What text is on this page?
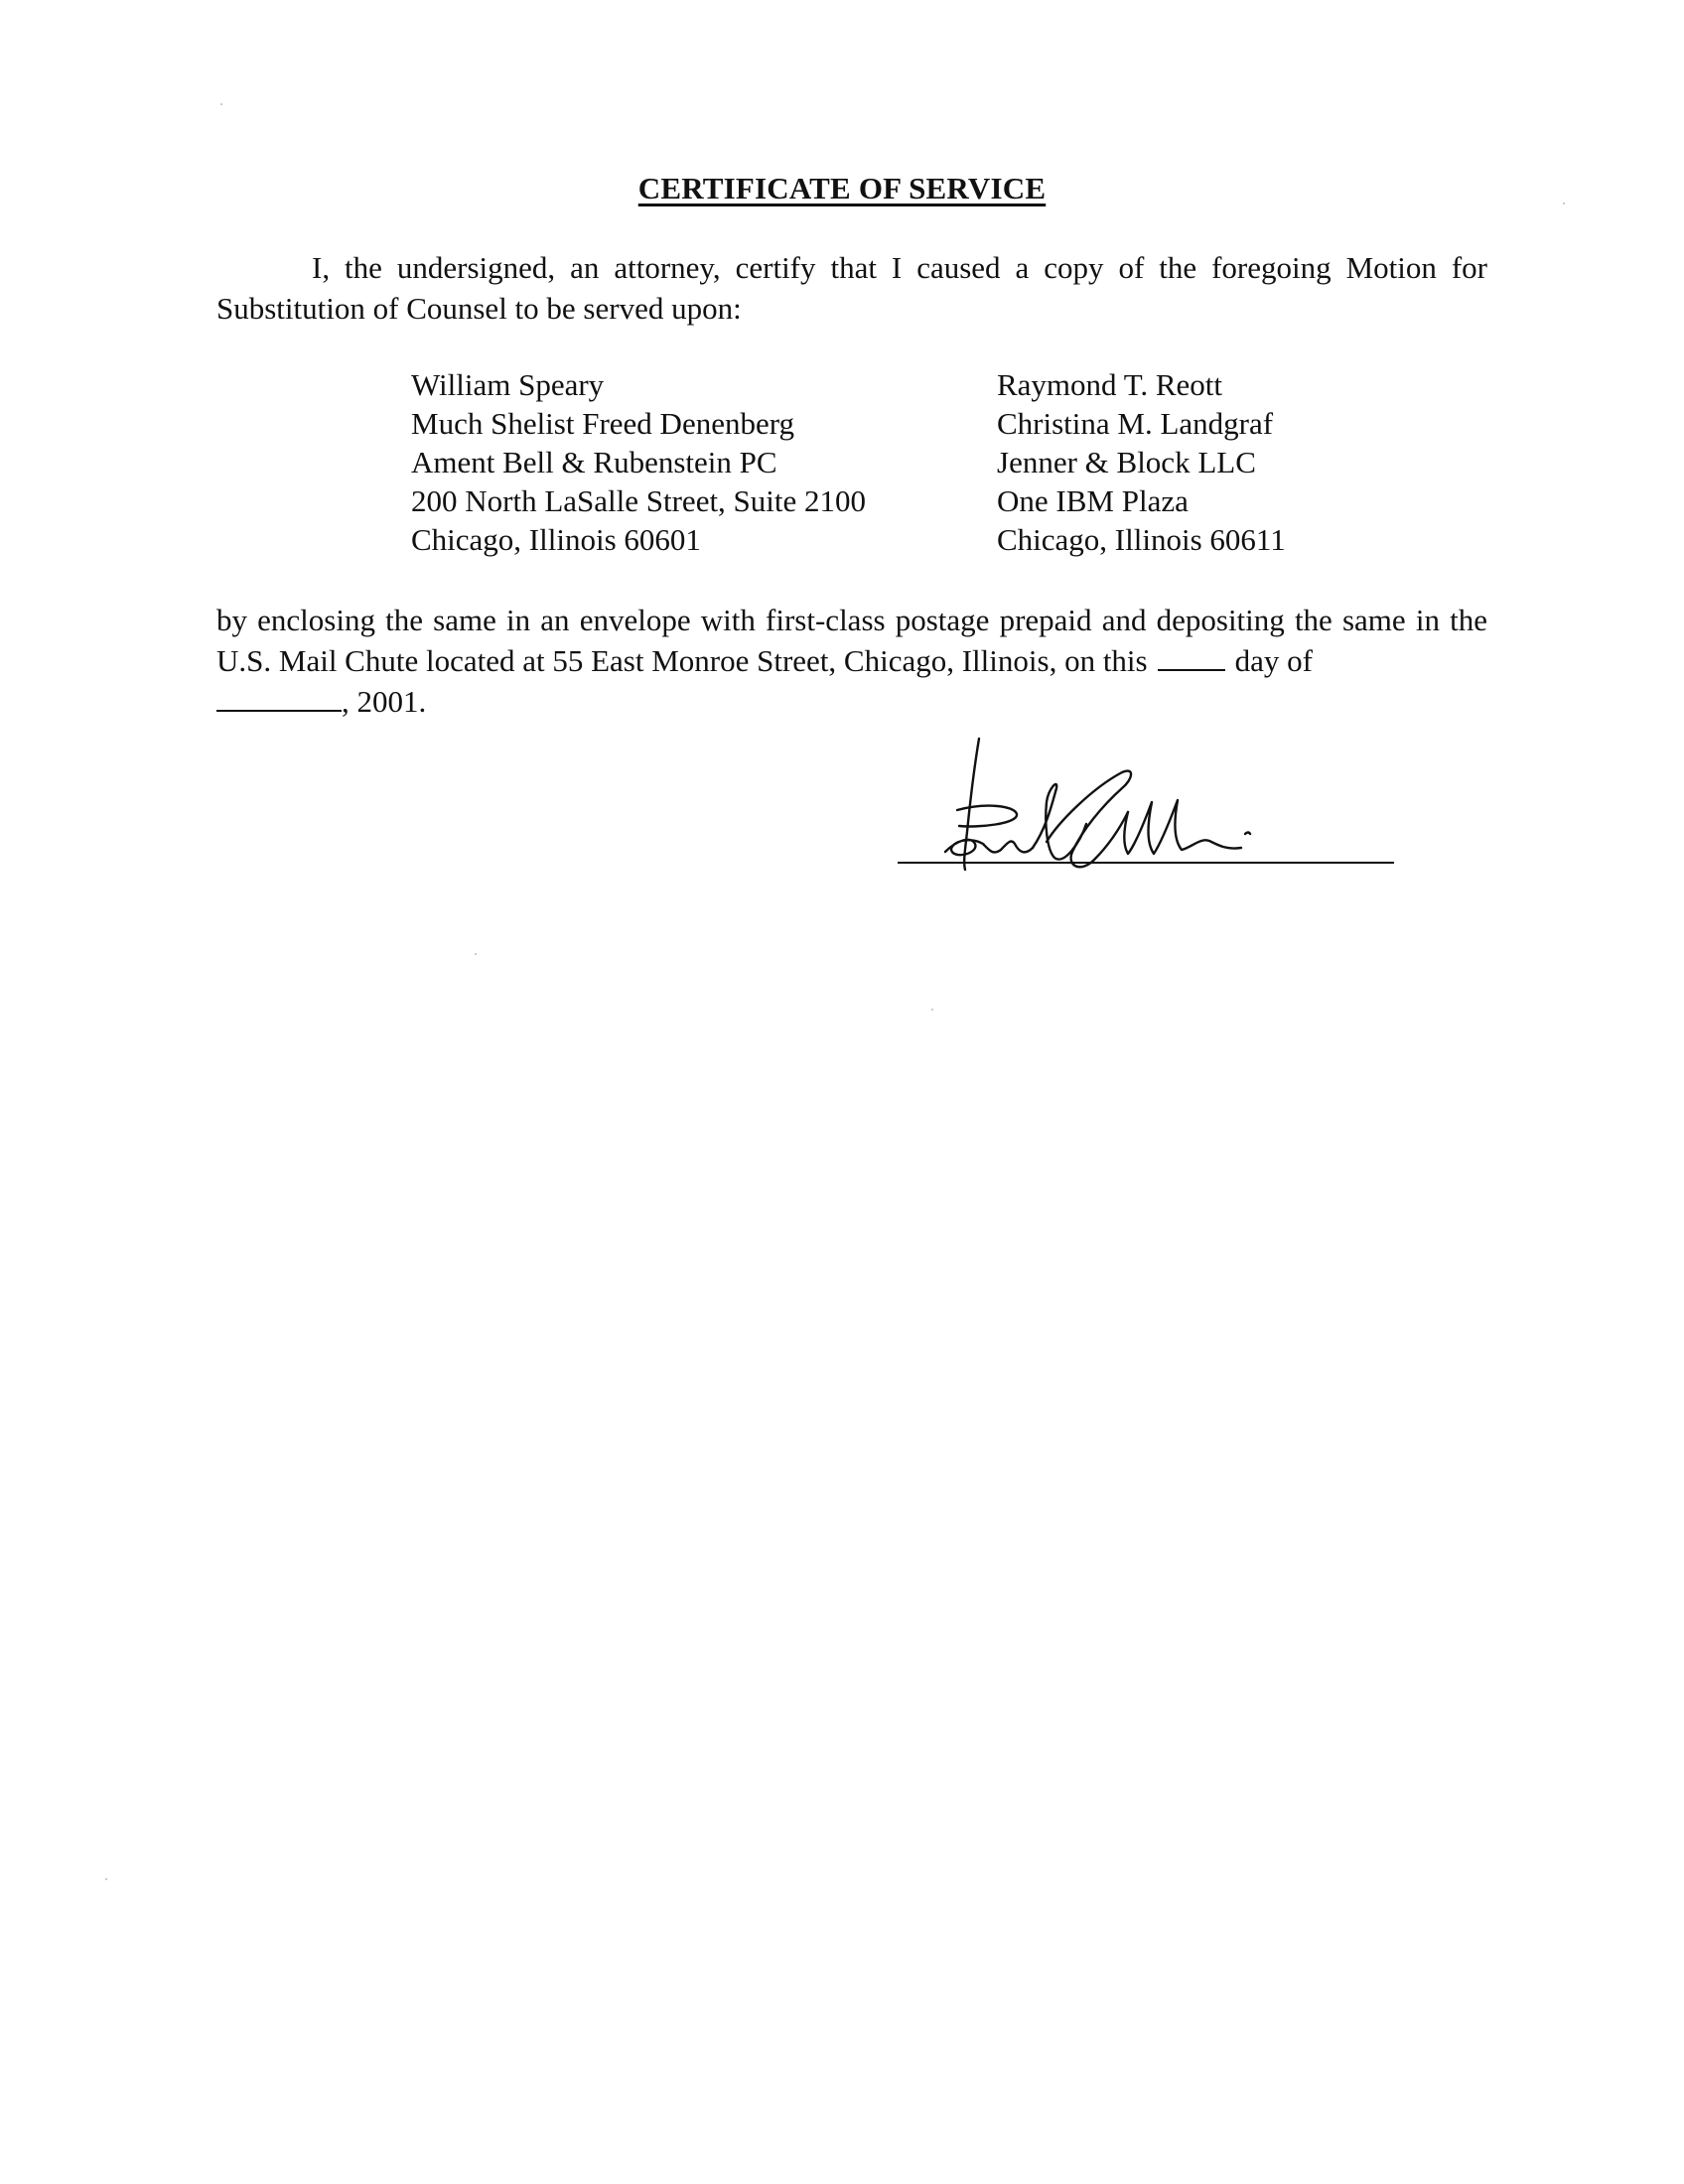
CERTIFICATE OF SERVICE
I, the undersigned, an attorney, certify that I caused a copy of the foregoing Motion for Substitution of Counsel to be served upon:
William Speary
Much Shelist Freed Denenberg
Ament Bell & Rubenstein PC
200 North LaSalle Street, Suite 2100
Chicago, Illinois 60601
Raymond T. Reott
Christina M. Landgraf
Jenner & Block LLC
One IBM Plaza
Chicago, Illinois 60611
by enclosing the same in an envelope with first-class postage prepaid and depositing the same in the U.S. Mail Chute located at 55 East Monroe Street, Chicago, Illinois, on this	day of
, 2001.
